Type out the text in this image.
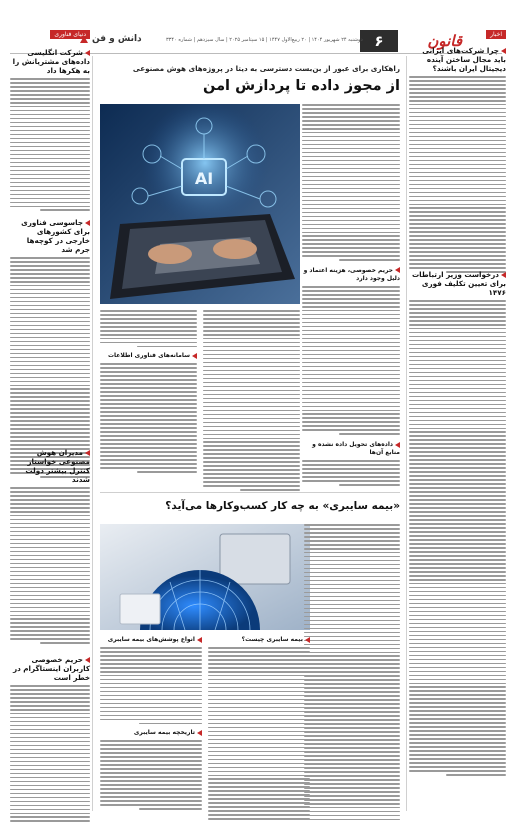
۶	قانون
دوشنبه ۲۴ شهریور ۱۴۰۴ | ۲۰ ربیع‌الاول ۱۴۴۷ | ۱۵ سپتامبر ۲۰۲۵ | سال سیزدهم | شماره ۳۳۴۰
دانش و فن
دنیای فناوری
شرکت انگلیسی داده‌های مشتریانش را به هکرها داد
جاسوسی فناوری برای کشورهای خارجی در کوچه‌ها جرم شد
مدیران هوش مصنوعی خواستار کنترل بیشتر دولت شدند
حریم خصوصی کاربران اینستاگرام در خطر است
اخبار
چرا شرکت‌های ایرانی باید مجال ساختن آینده دیجیتال ایران باشند؟
درخواست وزیر ارتباطات برای تعیین تکلیف فوری ۱۴۷۶
راهکاری برای عبور از بن‌بست دسترسی به دیتا در پروژه‌های هوش مصنوعی
از مجوز داده تا پردازش امن
AI
حریم خصوصی، هزینه اعتماد و دلیل وجود دارد
داده‌های تحویل داده نشده و منابع آن‌ها
سامانه‌های فناوری اطلاعات
«بیمه سایبری» به چه کار کسب‌وکارها می‌آید؟
بیمه سایبری چیست؟
انواع پوشش‌های بیمه سایبری
تاریخچه بیمه سایبری
